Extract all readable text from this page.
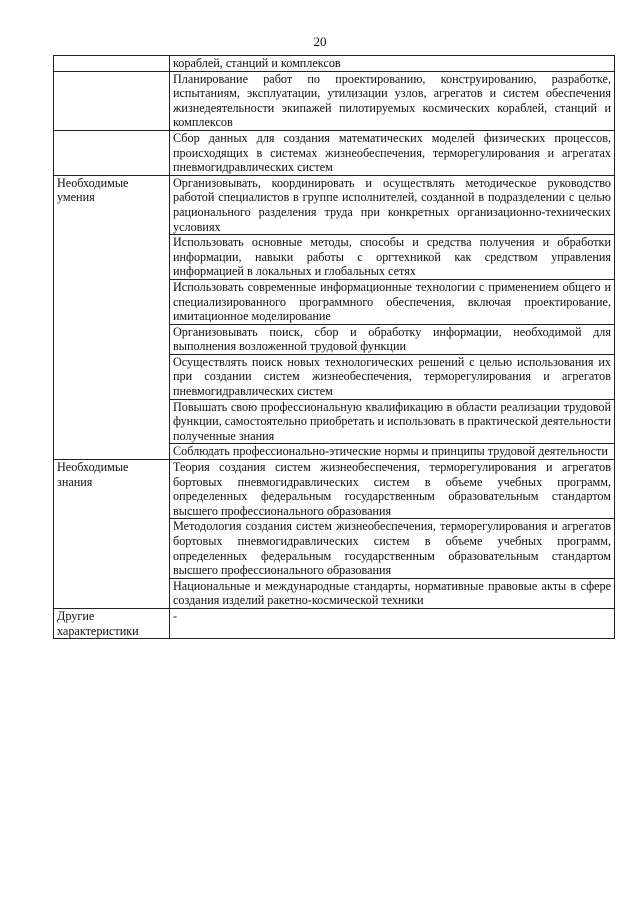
20

	кораблей, станций и комплексов

	Планирование работ по проектированию, конструированию, разработке, испытаниям, эксплуатации, утилизации узлов, агрегатов и систем обеспечения жизнедеятельности экипажей пилотируемых космических кораблей, станций и комплексов

	Сбор данных для создания математических моделей физических процессов, происходящих в системах жизнеобеспечения, терморегулирования и агрегатах пневмогидравлических систем

Необходимые умения	Организовывать, координировать и осуществлять методическое руководство работой специалистов в группе исполнителей, созданной в подразделении с целью рационального разделения труда при конкретных организационно-технических условиях

	Использовать основные методы, способы и средства получения и обработки информации, навыки работы с оргтехникой как средством управления информацией в локальных и глобальных сетях

	Использовать современные информационные технологии с применением общего и специализированного программного обеспечения, включая проектирование, имитационное моделирование

	Организовывать поиск, сбор и обработку информации, необходимой для выполнения возложенной трудовой функции

	Осуществлять поиск новых технологических решений с целью использования их при создании систем жизнеобеспечения, терморегулирования и агрегатов пневмогидравлических систем

	Повышать свою профессиональную квалификацию в области реализации трудовой функции, самостоятельно приобретать и использовать в практической деятельности полученные знания

	Соблюдать профессионально-этические нормы и принципы трудовой деятельности

Необходимые знания	Теория создания систем жизнеобеспечения, терморегулирования и агрегатов бортовых пневмогидравлических систем в объеме учебных программ, определенных федеральным государственным образовательным стандартом высшего профессионального образования

	Методология создания систем жизнеобеспечения, терморегулирования и агрегатов бортовых пневмогидравлических систем в объеме учебных программ, определенных федеральным государственным образовательным стандартом высшего профессионального образования

	Национальные и международные стандарты, нормативные правовые акты в сфере создания изделий ракетно-космической техники

Другие характеристики	-
